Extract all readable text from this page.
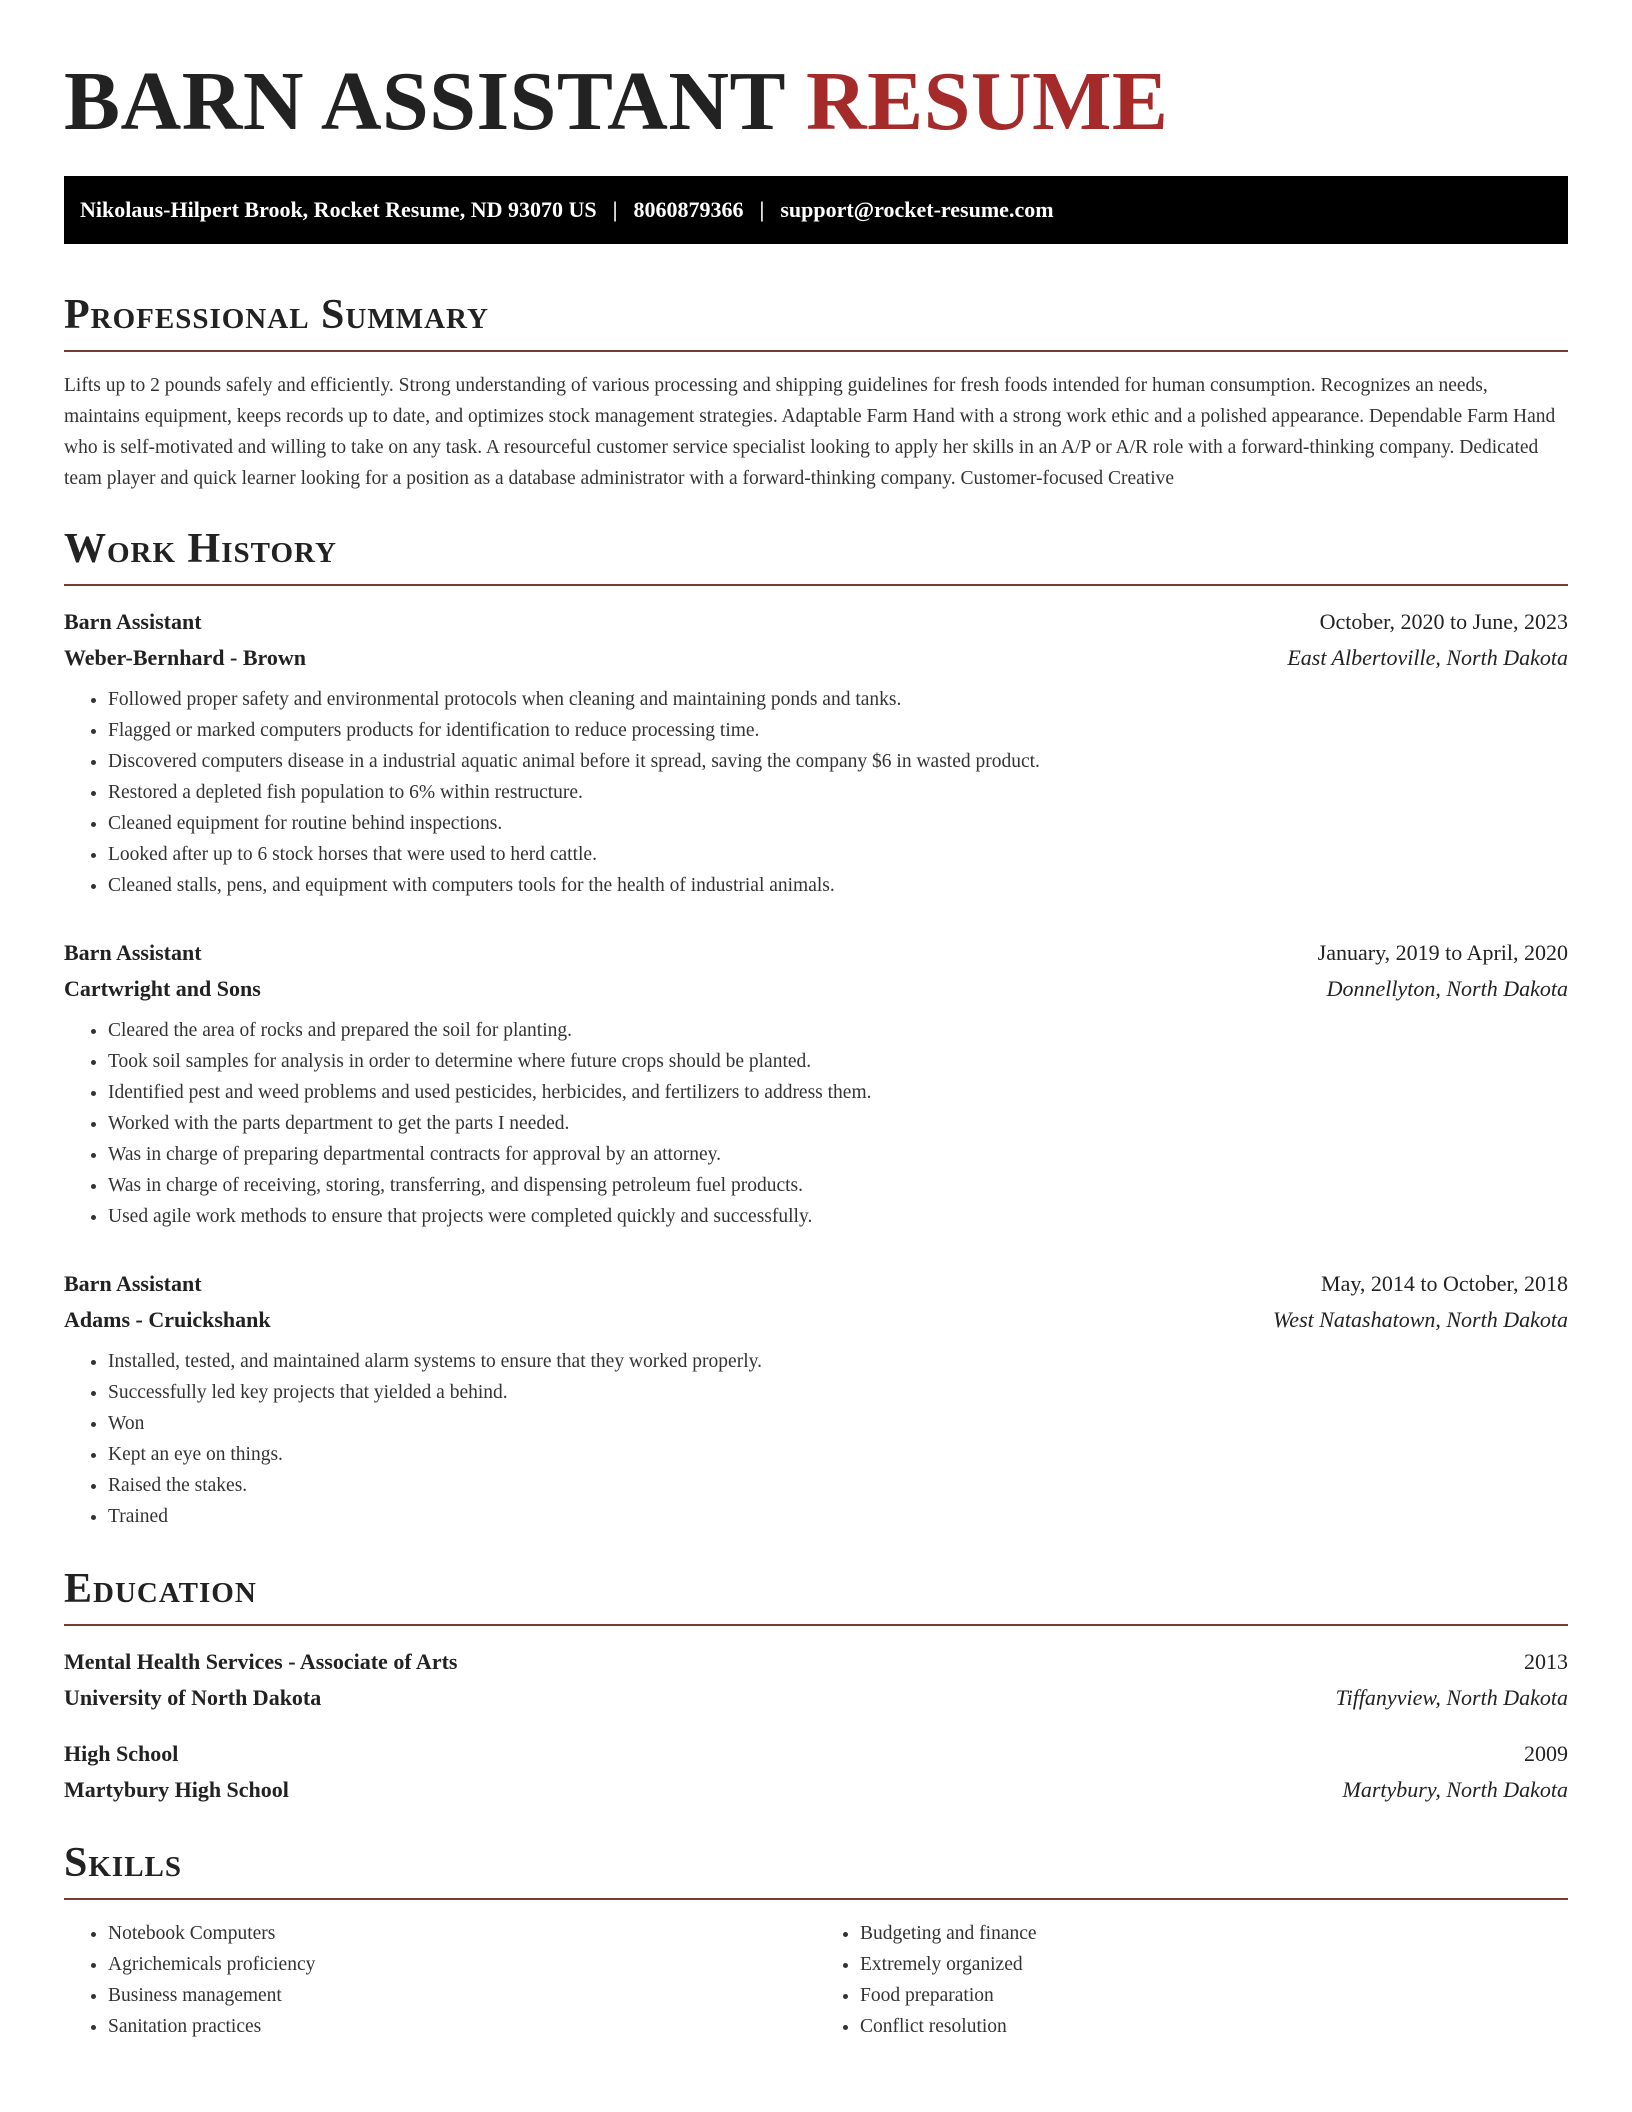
BARN ASSISTANT RESUME
Nikolaus-Hilpert Brook, Rocket Resume, ND 93070 US | 8060879366 | support@rocket-resume.com
Professional Summary

Lifts up to 2 pounds safely and efficiently. Strong understanding of various processing and shipping guidelines for fresh foods intended for human consumption. Recognizes an needs, maintains equipment, keeps records up to date, and optimizes stock management strategies. Adaptable Farm Hand with a strong work ethic and a polished appearance. Dependable Farm Hand who is self-motivated and willing to take on any task. A resourceful customer service specialist looking to apply her skills in an A/P or A/R role with a forward-thinking company. Dedicated team player and quick learner looking for a position as a database administrator with a forward-thinking company. Customer-focused Creative

Work History
Barn Assistant	October, 2020 to June, 2023
Weber-Bernhard - Brown	East Albertoville, North Dakota
• Followed proper safety and environmental protocols when cleaning and maintaining ponds and tanks.
• Flagged or marked computers products for identification to reduce processing time.
• Discovered computers disease in a industrial aquatic animal before it spread, saving the company $6 in wasted product.
• Restored a depleted fish population to 6% within restructure.
• Cleaned equipment for routine behind inspections.
• Looked after up to 6 stock horses that were used to herd cattle.
• Cleaned stalls, pens, and equipment with computers tools for the health of industrial animals.
Barn Assistant	January, 2019 to April, 2020
Cartwright and Sons	Donnellyton, North Dakota
• Cleared the area of rocks and prepared the soil for planting.
• Took soil samples for analysis in order to determine where future crops should be planted.
• Identified pest and weed problems and used pesticides, herbicides, and fertilizers to address them.
• Worked with the parts department to get the parts I needed.
• Was in charge of preparing departmental contracts for approval by an attorney.
• Was in charge of receiving, storing, transferring, and dispensing petroleum fuel products.
• Used agile work methods to ensure that projects were completed quickly and successfully.
Barn Assistant	May, 2014 to October, 2018
Adams - Cruickshank	West Natashatown, North Dakota
• Installed, tested, and maintained alarm systems to ensure that they worked properly.
• Successfully led key projects that yielded a behind.
• Won
• Kept an eye on things.
• Raised the stakes.
• Trained
Education
Mental Health Services - Associate of Arts	2013
University of North Dakota	Tiffanyview, North Dakota
High School	2009
Martybury High School	Martybury, North Dakota
Skills
• Notebook Computers
• Agrichemicals proficiency
• Business management
• Sanitation practices
• Budgeting and finance
• Extremely organized
• Food preparation
• Conflict resolution
